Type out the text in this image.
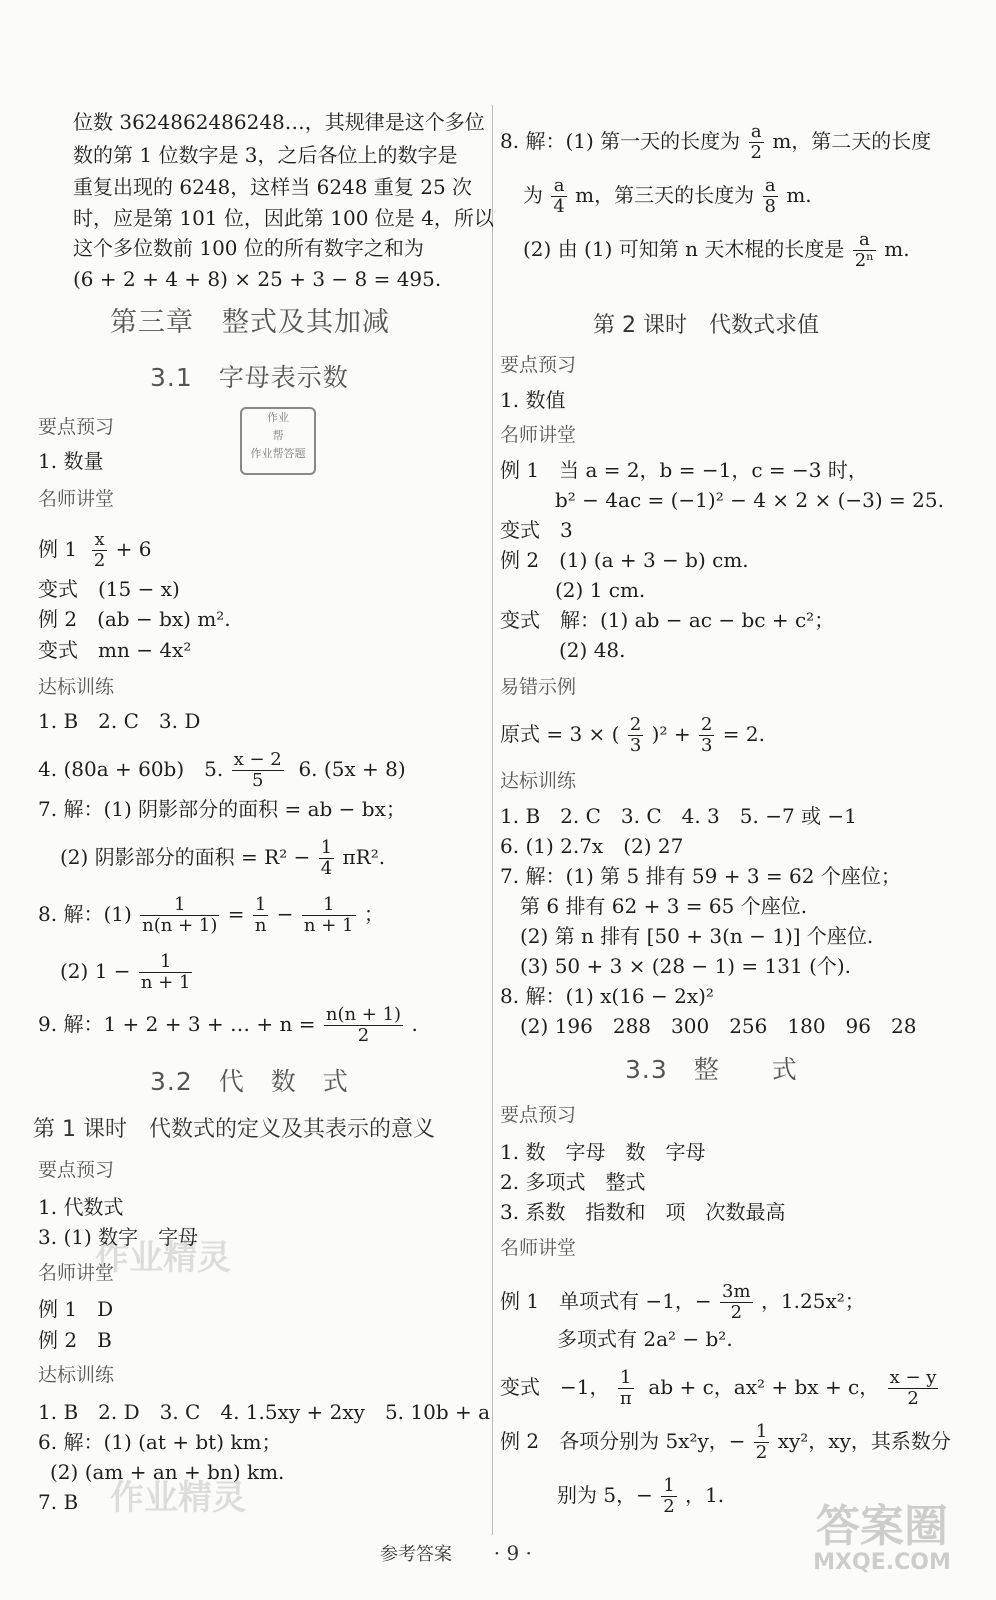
位数 3624862486248…，其规律是这个多位
数的第 1 位数字是 3，之后各位上的数字是
重复出现的 6248，这样当 6248 重复 25 次
时，应是第 101 位，因此第 100 位是 4，所以
这个多位数前 100 位的所有数字之和为
(6 + 2 + 4 + 8) × 25 + 3 − 8 = 495.
第三章　整式及其加减
3.1　字母表示数
作业
帮
作业帮答题
要点预习
1. 数量
名师讲堂
例 $1 \frac{x}{2} + 6$
变式　(15 − x)
例 2　(ab − bx) m².
变式　mn − 4x²
达标训练
1. B　2. C　3. D
4. (80a + 60b)　5. $\frac{x - 2}{5} 6$. (5x + 8)
7. 解：(1) 阴影部分的面积 = ab − bx；
(2) 阴影部分的面积 = $R^2 - \frac{1}{4} \pi R^2$.
8. 解：$(1) \frac{1}{n(n + 1)} = \frac{1}{n} - \frac{1}{n + 1}$ ；
(2) $1 - \frac{1}{n + 1}$
9. 解：1 + 2 + 3 + … + $n = \frac{n(n + 1)}{2}$ .
3.2　代　数　式
第 1 课时　代数式的定义及其表示的意义
要点预习
1. 代数式
3. (1) 数字　字母
名师讲堂
例 1　D
例 2　B
达标训练
1. B　2. D　3. C　4. 1.5xy + 2xy　5. 10b + a
6. 解：(1) (at + bt) km；
(2) (am + an + bn) km.
7. B
作业精灵
作业精灵
8. 解：(1) 第一天的长度为 $\frac{a}{2}$ m，第二天的长度
为 $\frac{a}{4}$ m，第三天的长度为 $\frac{a}{8} m$.
(2) 由 (1) 可知第 n 天木棍的长度是 $\frac{a}{\text{2ⁿ}} m$.
第 2 课时　代数式求值
要点预习
1. 数值
名师讲堂
例 1　当 a = 2，b = −1，c = −3 时，
b² − 4ac = (−1)² − 4 × 2 × (−3) = 25.
变式　3
例 2　(1) (a + 3 − b) cm.
(2) 1 cm.
变式　解：(1) ab − ac − bc + c²；
(2) 48.
易错示例
原式 = 3 × ( $\frac{2}{3} )^2 + \frac{2}{3} = 2$.
达标训练
1. B　2. C　3. C　4. 3　5. −7 或 −1
6. (1) 2.7x　(2) 27
7. 解：(1) 第 5 排有 59 + 3 = 62 个座位；
第 6 排有 62 + 3 = 65 个座位.
(2) 第 n 排有 [50 + 3(n − 1)] 个座位.
(3) 50 + 3 × (28 − 1) = 131 (个).
8. 解：(1) x(16 − 2x)²
(2) 196　288　300　256　180　96　28
3.3　整　　式
要点预习
1. 数　字母　数　字母
2. 多项式　整式
3. 系数　指数和　项　次数最高
名师讲堂
例 1　单项式有 −1，− $\frac{3m}{2}$ ，1.25x²；
多项式有 2a² − b².
变式　−1， $\frac{1}{\pi}$ ab + c，ax² + bx + c， $\frac{x - y}{2}$
例 2　各项分别为 5x²y，− $\frac{1}{2} xy^2$，xy，其系数分
别为 5，− $\frac{1}{2}$ ，1.
参考答案 · 9 ·
答案圈
MXQE.COM
